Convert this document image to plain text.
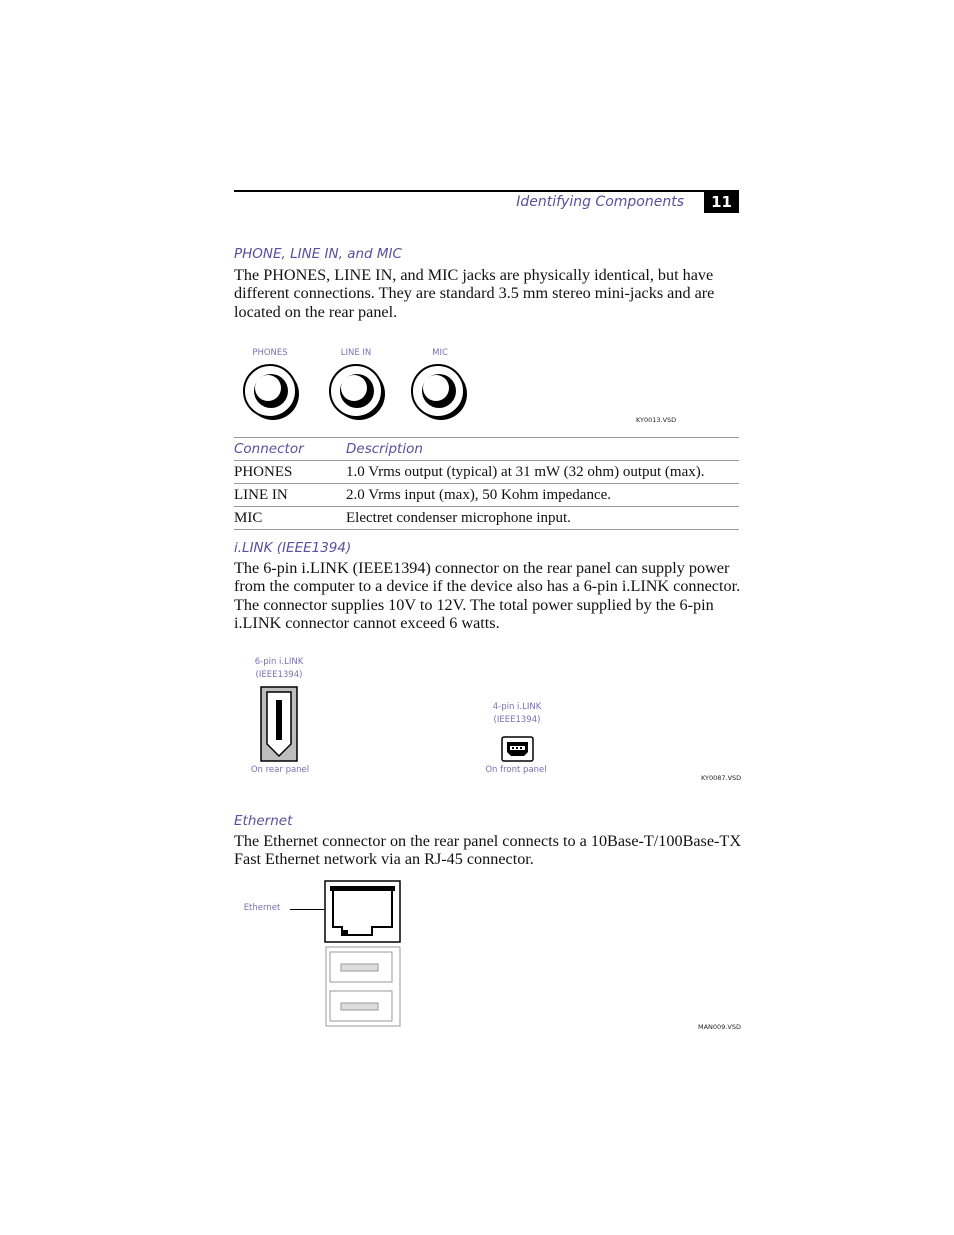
Identifying Components	11
PHONE, LINE IN, and MIC
The PHONES, LINE IN, and MIC jacks are physically identical, but have different connections. They are standard 3.5 mm stereo mini-jacks and are located on the rear panel.
PHONES	LINE IN	MIC
KY0013.VSD
Connector	Description
PHONES	1.0 Vrms output (typical) at 31 mW (32 ohm) output (max).
LINE IN	2.0 Vrms input (max), 50 Kohm impedance.
MIC	Electret condenser microphone input.
i.LINK (IEEE1394)
The 6-pin i.LINK (IEEE1394) connector on the rear panel can supply power from the computer to a device if the device also has a 6-pin i.LINK connector. The connector supplies 10V to 12V. The total power supplied by the 6-pin i.LINK connector cannot exceed 6 watts.
6-pin i.LINK
(IEEE1394)
On rear panel
4-pin i.LINK
(IEEE1394)
On front panel
KY0087.VSD
Ethernet
The Ethernet connector on the rear panel connects to a 10Base-T/100Base-TX Fast Ethernet network via an RJ-45 connector.
Ethernet
MAN009.VSD
